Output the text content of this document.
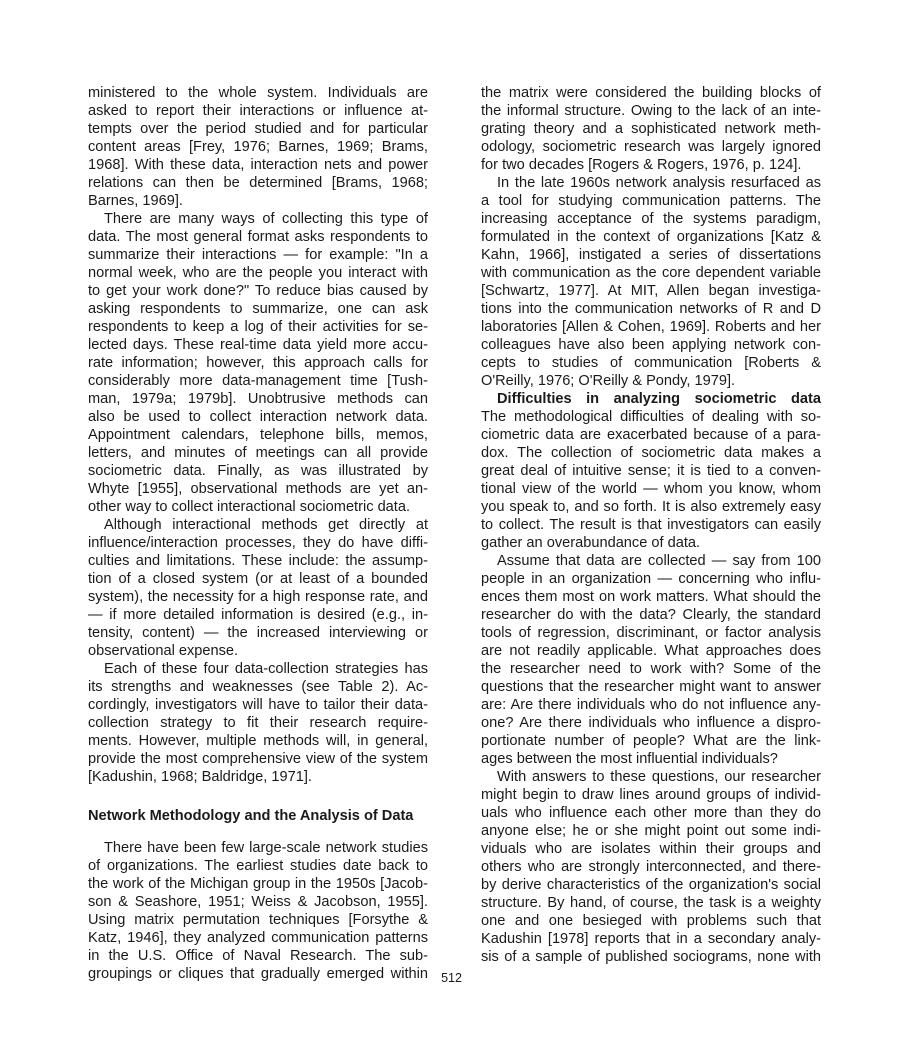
ministered to the whole system. Individuals are
asked to report their interactions or influence at-
tempts over the period studied and for particular
content areas [Frey, 1976; Barnes, 1969; Brams,
1968]. With these data, interaction nets and power
relations can then be determined [Brams, 1968;
Barnes, 1969].
There are many ways of collecting this type of
data. The most general format asks respondents to
summarize their interactions — for example: "In a
normal week, who are the people you interact with
to get your work done?" To reduce bias caused by
asking respondents to summarize, one can ask
respondents to keep a log of their activities for se-
lected days. These real-time data yield more accu-
rate information; however, this approach calls for
considerably more data-management time [Tush-
man, 1979a; 1979b]. Unobtrusive methods can
also be used to collect interaction network data.
Appointment calendars, telephone bills, memos,
letters, and minutes of meetings can all provide
sociometric data. Finally, as was illustrated by
Whyte [1955], observational methods are yet an-
other way to collect interactional sociometric data.
Although interactional methods get directly at
influence/interaction processes, they do have diffi-
culties and limitations. These include: the assump-
tion of a closed system (or at least of a bounded
system), the necessity for a high response rate, and
— if more detailed information is desired (e.g., in-
tensity, content) — the increased interviewing or
observational expense.
Each of these four data-collection strategies has
its strengths and weaknesses (see Table 2). Ac-
cordingly, investigators will have to tailor their data-
collection strategy to fit their research require-
ments. However, multiple methods will, in general,
provide the most comprehensive view of the system
[Kadushin, 1968; Baldridge, 1971].
Network Methodology and the Analysis of Data
There have been few large-scale network studies
of organizations. The earliest studies date back to
the work of the Michigan group in the 1950s [Jacob-
son & Seashore, 1951; Weiss & Jacobson, 1955].
Using matrix permutation techniques [Forsythe &
Katz, 1946], they analyzed communication patterns
in the U.S. Office of Naval Research. The sub-
groupings or cliques that gradually emerged within
the matrix were considered the building blocks of
the informal structure. Owing to the lack of an inte-
grating theory and a sophisticated network meth-
odology, sociometric research was largely ignored
for two decades [Rogers & Rogers, 1976, p. 124].
In the late 1960s network analysis resurfaced as
a tool for studying communication patterns. The
increasing acceptance of the systems paradigm,
formulated in the context of organizations [Katz &
Kahn, 1966], instigated a series of dissertations
with communication as the core dependent variable
[Schwartz, 1977]. At MIT, Allen began investiga-
tions into the communication networks of R and D
laboratories [Allen & Cohen, 1969]. Roberts and her
colleagues have also been applying network con-
cepts to studies of communication [Roberts &
O'Reilly, 1976; O'Reilly & Pondy, 1979].
Difficulties in analyzing sociometric data
The methodological difficulties of dealing with so-
ciometric data are exacerbated because of a para-
dox. The collection of sociometric data makes a
great deal of intuitive sense; it is tied to a conven-
tional view of the world — whom you know, whom
you speak to, and so forth. It is also extremely easy
to collect. The result is that investigators can easily
gather an overabundance of data.
Assume that data are collected — say from 100
people in an organization — concerning who influ-
ences them most on work matters. What should the
researcher do with the data? Clearly, the standard
tools of regression, discriminant, or factor analysis
are not readily applicable. What approaches does
the researcher need to work with? Some of the
questions that the researcher might want to answer
are: Are there individuals who do not influence any-
one? Are there individuals who influence a dispro-
portionate number of people? What are the link-
ages between the most influential individuals?
With answers to these questions, our researcher
might begin to draw lines around groups of individ-
uals who influence each other more than they do
anyone else; he or she might point out some indi-
viduals who are isolates within their groups and
others who are strongly interconnected, and there-
by derive characteristics of the organization's social
structure. By hand, of course, the task is a weighty
one and one besieged with problems such that
Kadushin [1978] reports that in a secondary analy-
sis of a sample of published sociograms, none with
512
